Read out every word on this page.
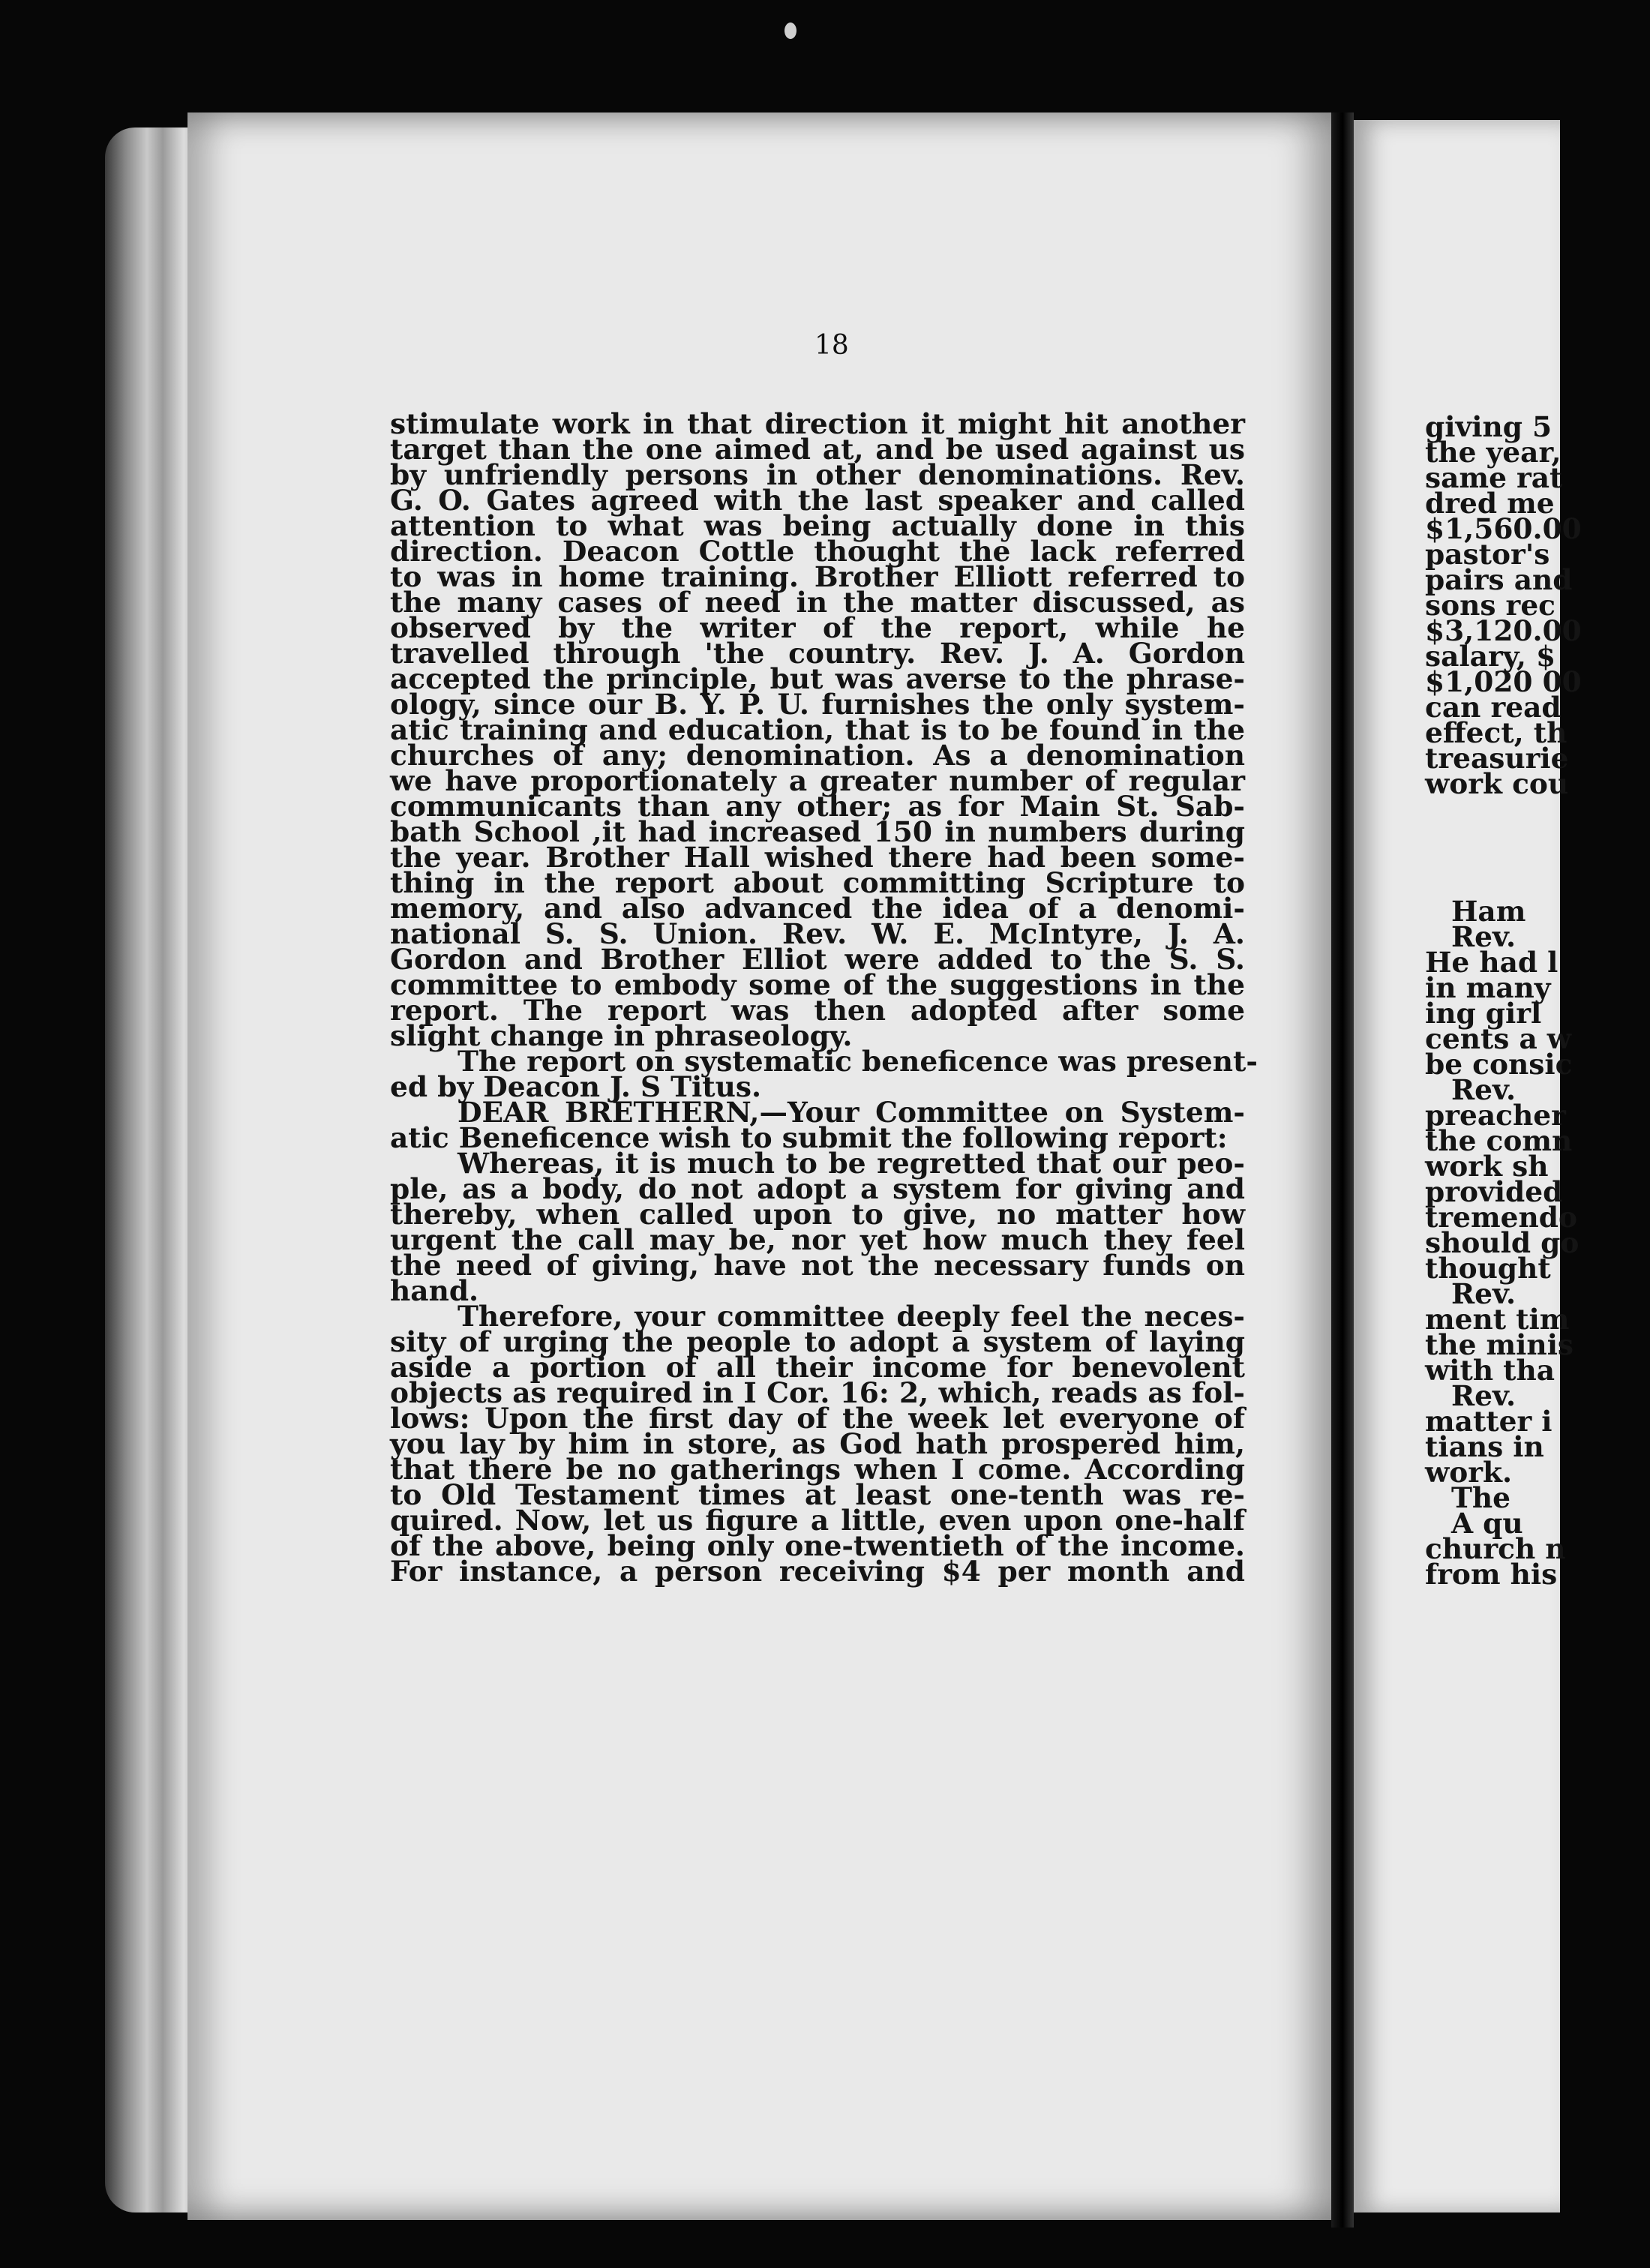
18
stimulate work in that direction it might hit another
target than the one aimed at, and be used against us
by unfriendly persons in other denominations. Rev.
G. O. Gates agreed with the last speaker and called
attention to what was being actually done in this
direction. Deacon Cottle thought the lack referred
to was in home training. Brother Elliott referred to
the many cases of need in the matter discussed, as
observed by the writer of the report, while he
travelled through 'the country. Rev. J. A. Gordon
accepted the principle, but was averse to the phrase-
ology, since our B. Y. P. U. furnishes the only system-
atic training and education, that is to be found in the
churches of any; denomination. As a denomination
we have proportionately a greater number of regular
communicants than any other; as for Main St. Sab-
bath School ,it had increased 150 in numbers during
the year. Brother Hall wished there had been some-
thing in the report about committing Scripture to
memory, and also advanced the idea of a denomi-
national S. S. Union. Rev. W. E. McIntyre, J. A.
Gordon and Brother Elliot were added to the S. S.
committee to embody some of the suggestions in the
report. The report was then adopted after some
slight change in phraseology.
The report on systematic beneficence was present-
ed by Deacon J. S Titus.
DEAR BRETHERN,—Your Committee on System-
atic Beneficence wish to submit the following report:
Whereas, it is much to be regretted that our peo-
ple, as a body, do not adopt a system for giving and
thereby, when called upon to give, no matter how
urgent the call may be, nor yet how much they feel
the need of giving, have not the necessary funds on
hand.
Therefore, your committee deeply feel the neces-
sity of urging the people to adopt a system of laying
aside a portion of all their income for benevolent
objects as required in I Cor. 16: 2, which, reads as fol-
lows: Upon the first day of the week let everyone of
you lay by him in store, as God hath prospered him,
that there be no gatherings when I come. According
to Old Testament times at least one-tenth was re-
quired. Now, let us figure a little, even upon one-half
of the above, being only one-twentieth of the income.
For instance, a person receiving $4 per month and
giving 5
the year,
same rat
dred me
$1,560.00
pastor's
pairs and
sons rec
$3,120.00
salary, $
$1,020 00
can read
effect, th
treasurie
work cou

Ham
Rev.
He had l
in many
ing girl
cents a w
be consic
Rev.
preacher
the comn
work sh
provided
tremendo
should go
thought
Rev.
ment tim
the minis
with tha
Rev.
matter i
tians in
work.
The
A qu
church n
from his
